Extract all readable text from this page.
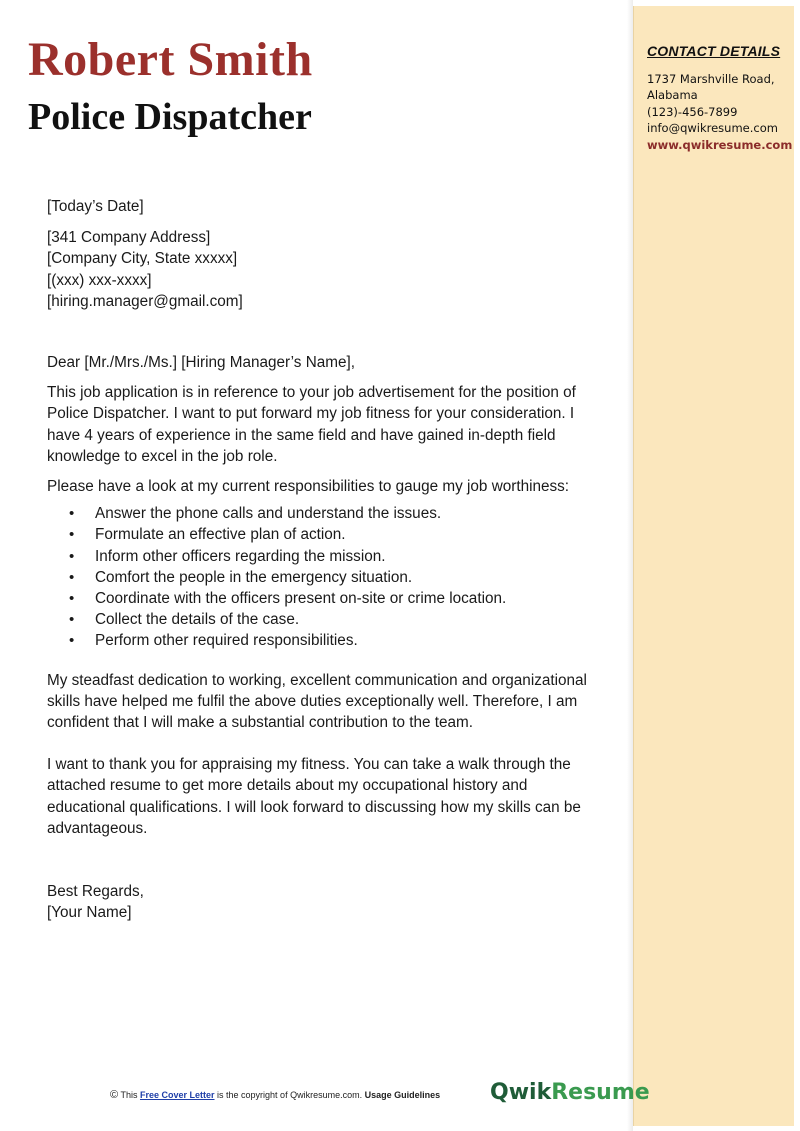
CONTACT DETAILS
1737 Marshville Road,
Alabama
(123)-456-7899
info@qwikresume.com
www.qwikresume.com
Robert Smith
Police Dispatcher

[Today’s Date]

[341 Company Address]

[Company City, State xxxxx]

[(xxx) xxx-xxxx]

[hiring.manager@gmail.com]

Dear [Mr./Mrs./Ms.] [Hiring Manager’s Name],

This job application is in reference to your job advertisement for the position of Police Dispatcher. I want to put forward my job fitness for your consideration. I have 4 years of experience in the same field and have gained in-depth field knowledge to excel in the job role.

Please have a look at my current responsibilities to gauge my job worthiness:

• Answer the phone calls and understand the issues.
• Formulate an effective plan of action.
• Inform other officers regarding the mission.
• Comfort the people in the emergency situation.
• Coordinate with the officers present on-site or crime location.
• Collect the details of the case.
• Perform other required responsibilities.

My steadfast dedication to working, excellent communication and organizational skills have helped me fulfil the above duties exceptionally well. Therefore, I am confident that I will make a substantial contribution to the team.

I want to thank you for appraising my fitness. You can take a walk through the attached resume to get more details about my occupational history and educational qualifications. I will look forward to discussing how my skills can be advantageous.

Best Regards,

[Your Name]

© This Free Cover Letter is the copyright of Qwikresume.com. Usage Guidelines	QwikResume
